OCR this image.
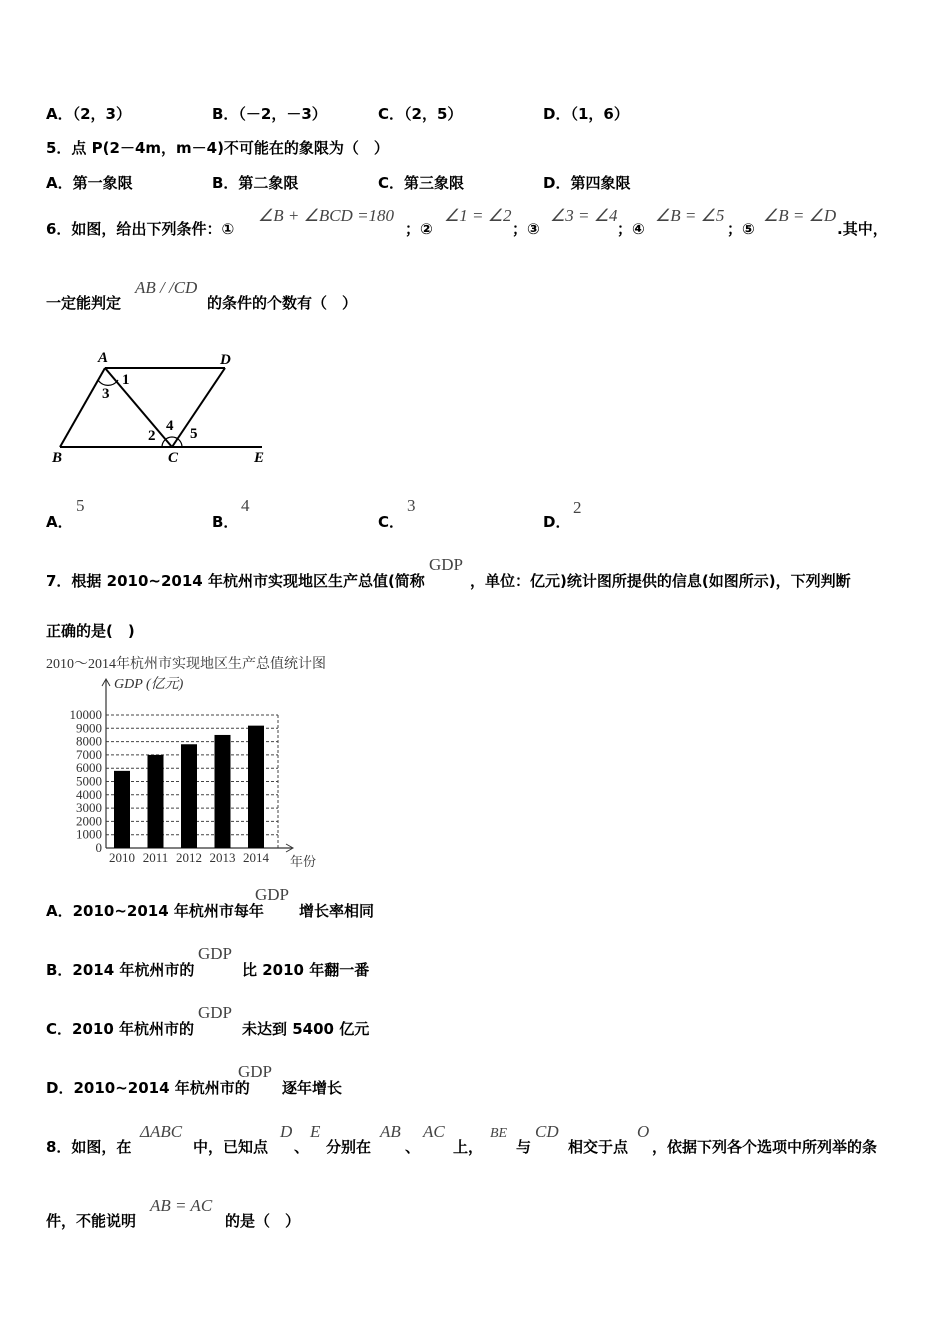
A．（2，3）	B．（－2，－3）	C．（2，5）	D．（1，6）
5．点 P(2－4m，m－4)不可能在的象限为（　）
A．第一象限	B．第二象限	C．第三象限	D．第四象限
6．如图，给出下列条件：①
∠B + ∠BCD =180
；②
∠1 = ∠2
；③
∠3 = ∠4
；④
∠B = ∠5
；⑤
∠B = ∠D
.其中，
一定能判定
AB / /CD
的条件的个数有（　）
A	D
1
3
4
2 5
B	C	E
A．
5
B．
4
C．
3
D．
2
7．根据 2010~2014 年杭州市实现地区生产总值(简称
GDP
，单位：亿元)统计图所提供的信息(如图所示)，下列判断
正确的是(　)
2010～2014年杭州市实现地区生产总值统计图
GDP (亿元)
年份
0
1000
2000
3000
4000
5000
6000
7000
8000
9000
10000
2010 2011 2012 2013 2014
A．2010~2014 年杭州市每年
GDP
增长率相同
B．2014 年杭州市的
GDP
比 2010 年翻一番
C．2010 年杭州市的
GDP
未达到 5400 亿元
D．2010~2014 年杭州市的
GDP
逐年增长
8．如图，在
ΔABC
中，已知点
D
、
E
分别在
AB
、
AC
上，
BE
与
CD
相交于点
O
，依据下列各个选项中所列举的条
件，不能说明
AB = AC
的是（　）
